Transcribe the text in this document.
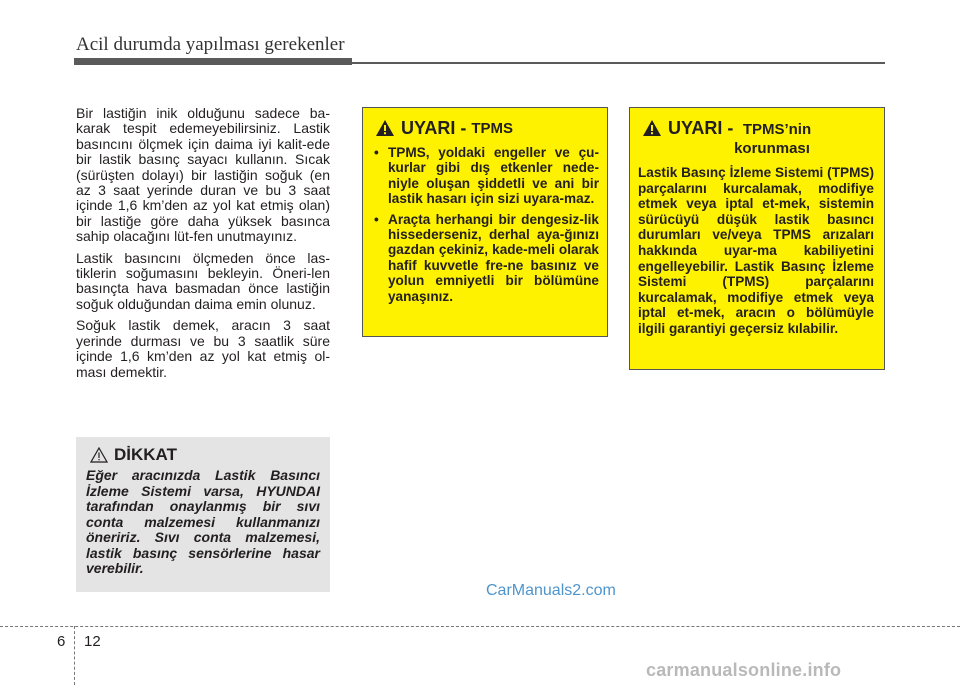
Acil durumda yapılması gerekenler

Bir lastiğin inik olduğunu sadece ba-karak tespit edemeyebilirsiniz. Lastik basıncını ölçmek için daima iyi kalit-ede bir lastik basınç sayacı kullanın. Sıcak (sürüşten dolayı) bir lastiğin soğuk (en az 3 saat yerinde duran ve bu 3 saat içinde 1,6 km’den az yol kat etmiş olan) bir lastiğe göre daha yüksek basınca sahip olacağını lüt-fen unutmayınız.

Lastik basıncını ölçmeden önce las-tiklerin soğumasını bekleyin. Öneri-len basınçta hava basmadan önce lastiğin soğuk olduğundan daima emin olunuz.

Soğuk lastik demek, aracın 3 saat yerinde durması ve bu 3 saatlik süre içinde 1,6 km’den az yol kat etmiş ol-ması demektir.

DİKKAT
Eğer aracınızda Lastik Basıncı İzleme Sistemi varsa, HYUNDAI tarafından onaylanmış bir sıvı conta malzemesi kullanmanızı öneririz. Sıvı conta malzemesi, lastik basınç sensörlerine hasar verebilir.
UYARI - TPMS
• TPMS, yoldaki engeller ve çu-kurlar gibi dış etkenler nede-niyle oluşan şiddetli ve ani bir lastik hasarı için sizi uyara-maz.
• Araçta herhangi bir dengesiz-lik hissederseniz, derhal aya-ğınızı gazdan çekiniz, kade-meli olarak hafif kuvvetle fre-ne basınız ve yolun emniyetli bir bölümüne yanaşınız.
UYARI - TPMS’nin
korunması
Lastik Basınç İzleme Sistemi (TPMS) parçalarını kurcalamak, modifiye etmek veya iptal et-mek, sistemin sürücüyü düşük lastik basıncı durumları ve/veya TPMS arızaları hakkında uyar-ma kabiliyetini engelleyebilir. Lastik Basınç İzleme Sistemi (TPMS) parçalarını kurcalamak, modifiye etmek veya iptal et-mek, aracın o bölümüyle ilgili garantiyi geçersiz kılabilir.
CarManuals2.com
6 12
carmanualsonline.info
